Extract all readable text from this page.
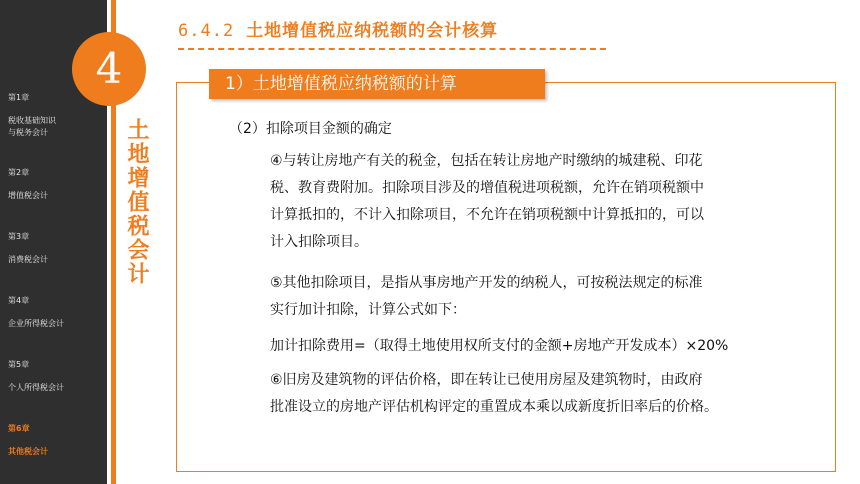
第1章
税收基础知识
与税务会计
第2章
增值税会计
第3章
消费税会计
第4章
企业所得税会计
第5章
个人所得税会计
第6章
其他税会计
4
土地增值税会计
6.4.2 土地增值税应纳税额的会计核算
1）土地增值税应纳税额的计算
（2）扣除项目金额的确定
④与转让房地产有关的税金，包括在转让房地产时缴纳的城建税、印花
税、教育费附加。扣除项目涉及的增值税进项税额，允许在销项税额中
计算抵扣的，不计入扣除项目，不允许在销项税额中计算抵扣的，可以
计入扣除项目。
⑤其他扣除项目，是指从事房地产开发的纳税人，可按税法规定的标准
实行加计扣除，计算公式如下：
加计扣除费用=（取得土地使用权所支付的金额+房地产开发成本）×20%
⑥旧房及建筑物的评估价格，即在转让已使用房屋及建筑物时，由政府
批准设立的房地产评估机构评定的重置成本乘以成新度折旧率后的价格。
